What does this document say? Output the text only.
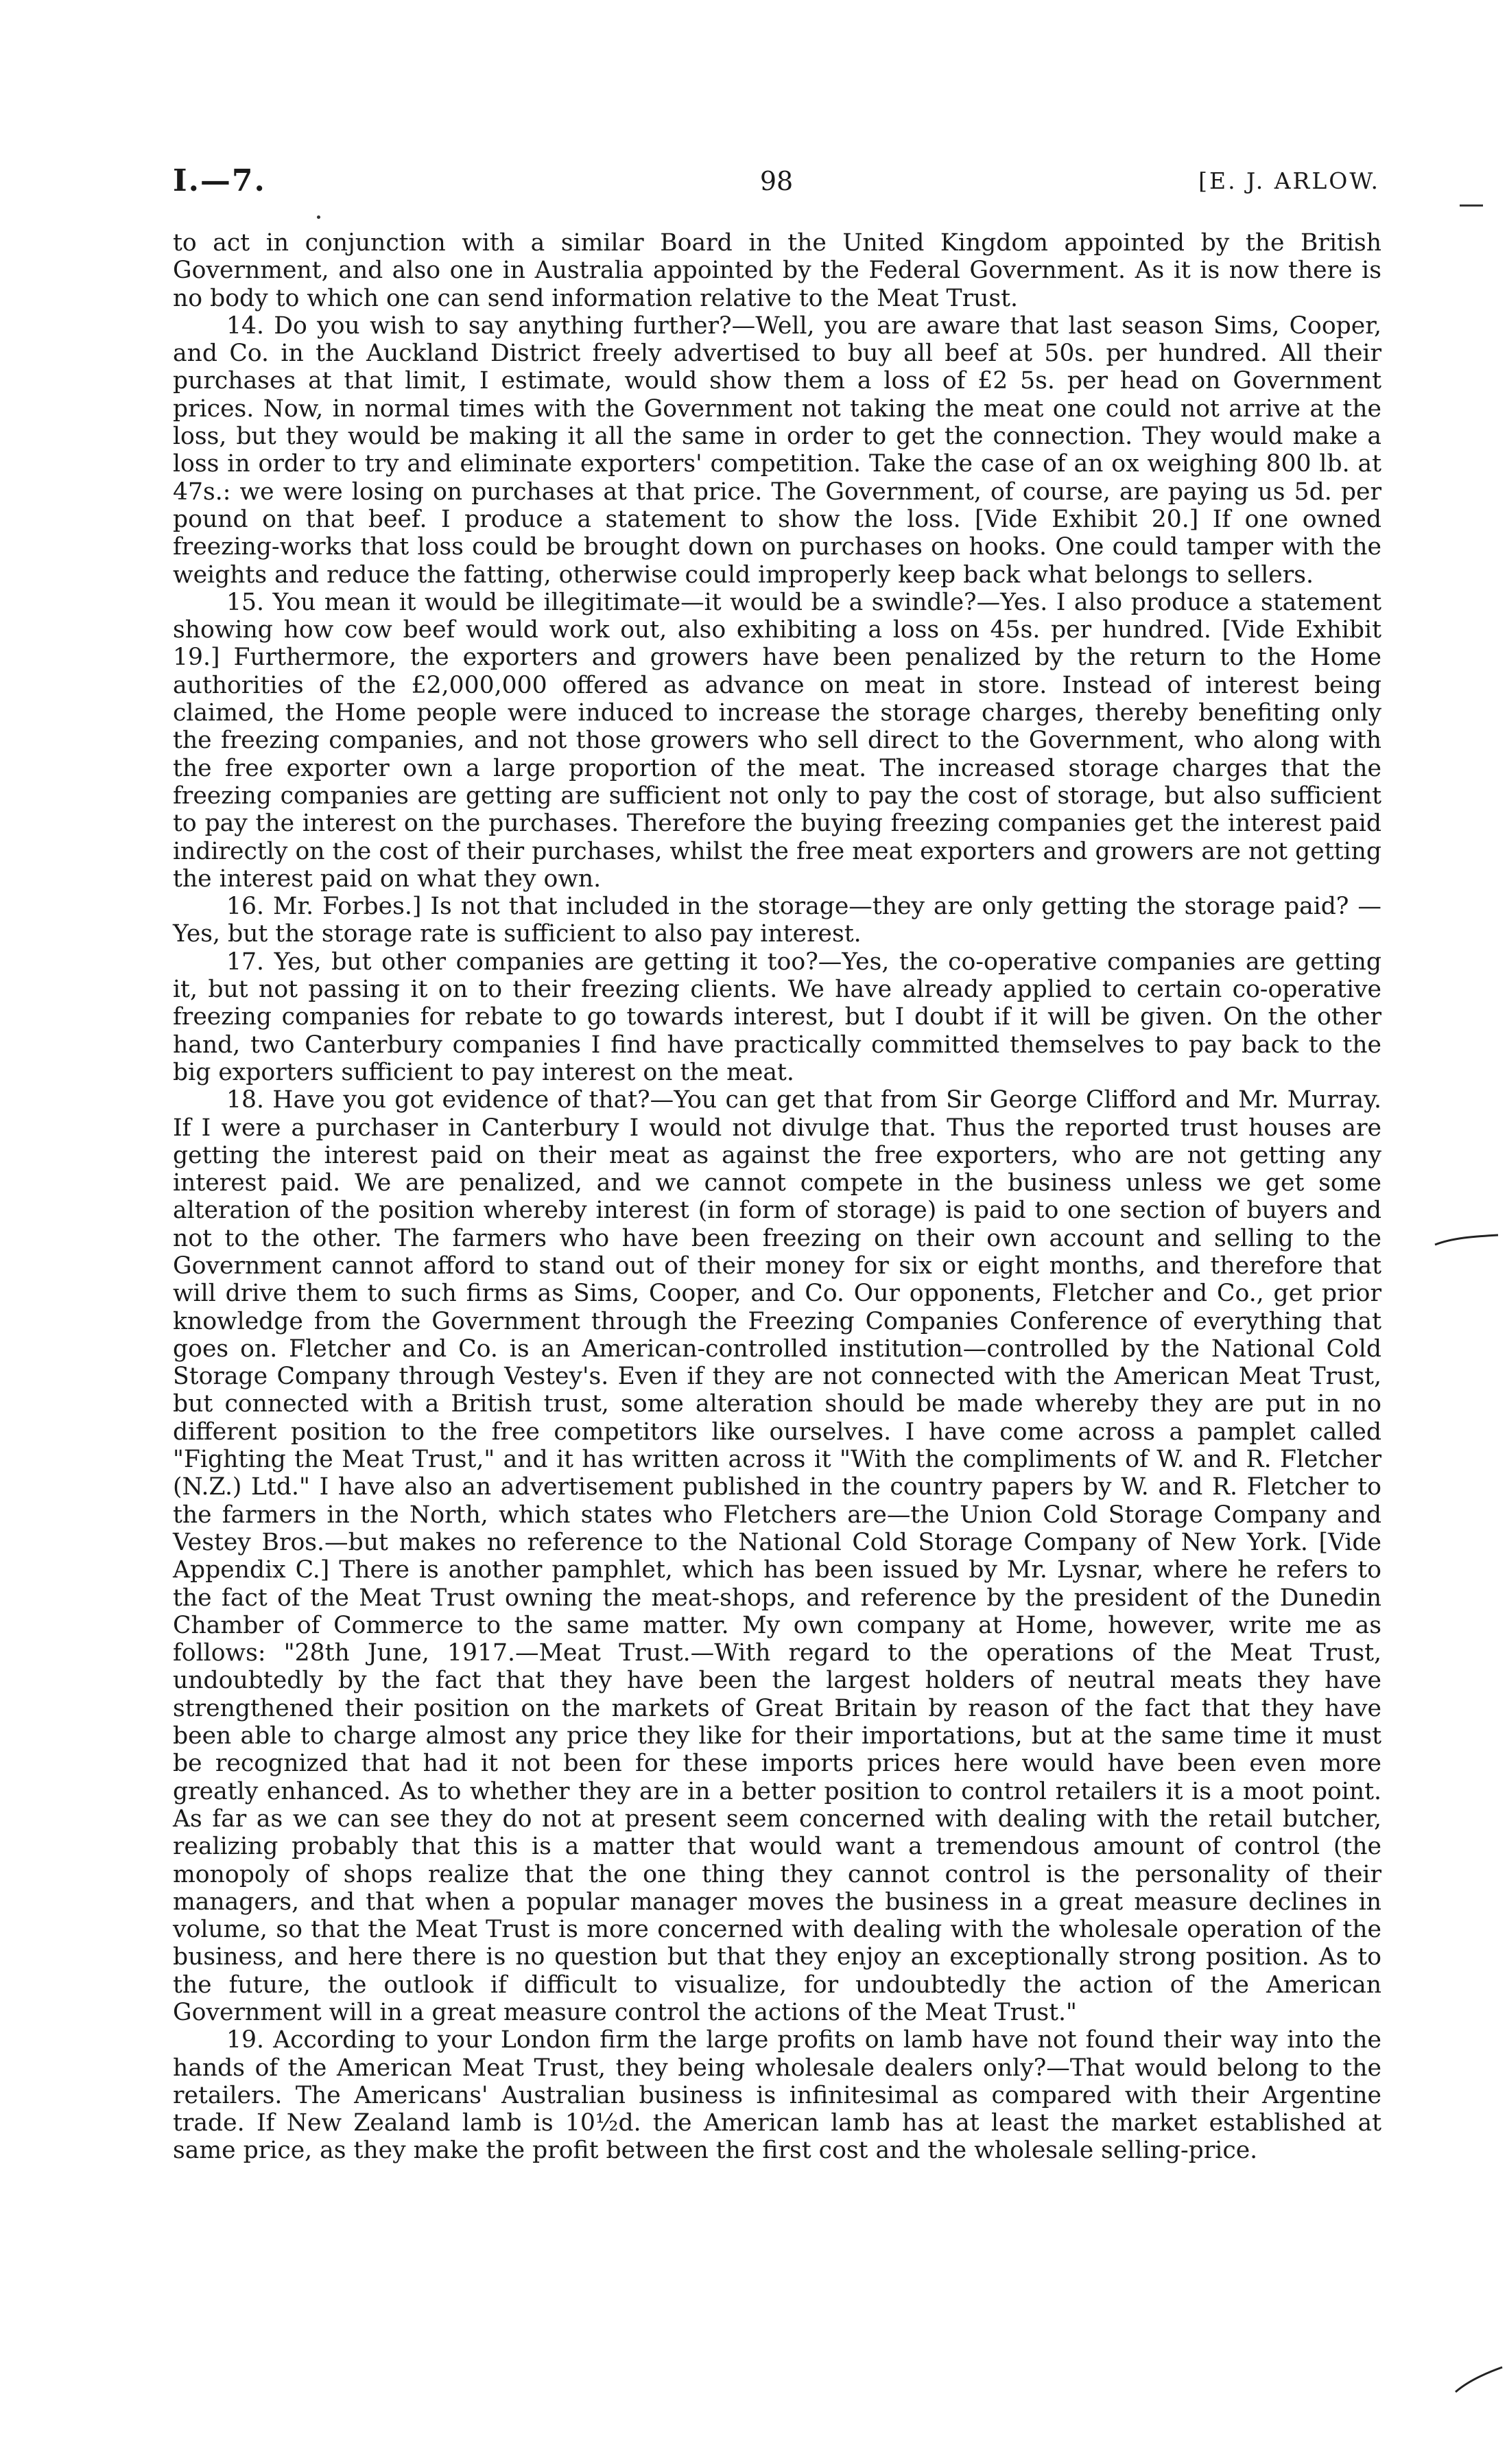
I.—7.	98	[E. J. ARLOW.

to act in conjunction with a similar Board in the United Kingdom appointed by the British Government, and also one in Australia appointed by the Federal Government. As it is now there is no body to which one can send information relative to the Meat Trust.

14. Do you wish to say anything further?—Well, you are aware that last season Sims, Cooper, and Co. in the Auckland District freely advertised to buy all beef at 50s. per hundred. All their purchases at that limit, I estimate, would show them a loss of £2 5s. per head on Government prices. Now, in normal times with the Government not taking the meat one could not arrive at the loss, but they would be making it all the same in order to get the connection. They would make a loss in order to try and eliminate exporters' competition. Take the case of an ox weighing 800 lb. at 47s.: we were losing on purchases at that price. The Government, of course, are paying us 5d. per pound on that beef. I produce a statement to show the loss. [Vide Exhibit 20.] If one owned freezing-works that loss could be brought down on purchases on hooks. One could tamper with the weights and reduce the fatting, otherwise could improperly keep back what belongs to sellers.

15. You mean it would be illegitimate—it would be a swindle?—Yes. I also produce a statement showing how cow beef would work out, also exhibiting a loss on 45s. per hundred. [Vide Exhibit 19.] Furthermore, the exporters and growers have been penalized by the return to the Home authorities of the £2,000,000 offered as advance on meat in store. Instead of interest being claimed, the Home people were induced to increase the storage charges, thereby benefiting only the freezing companies, and not those growers who sell direct to the Government, who along with the free exporter own a large proportion of the meat. The increased storage charges that the freezing companies are getting are sufficient not only to pay the cost of storage, but also sufficient to pay the interest on the purchases. Therefore the buying freezing companies get the interest paid indirectly on the cost of their purchases, whilst the free meat exporters and growers are not getting the interest paid on what they own.

16. Mr. Forbes.] Is not that included in the storage—they are only getting the storage paid? —Yes, but the storage rate is sufficient to also pay interest.

17. Yes, but other companies are getting it too?—Yes, the co-operative companies are getting it, but not passing it on to their freezing clients. We have already applied to certain co-operative freezing companies for rebate to go towards interest, but I doubt if it will be given. On the other hand, two Canterbury companies I find have practically committed themselves to pay back to the big exporters sufficient to pay interest on the meat.

18. Have you got evidence of that?—You can get that from Sir George Clifford and Mr. Murray. If I were a purchaser in Canterbury I would not divulge that. Thus the reported trust houses are getting the interest paid on their meat as against the free exporters, who are not getting any interest paid. We are penalized, and we cannot compete in the business unless we get some alteration of the position whereby interest (in form of storage) is paid to one section of buyers and not to the other. The farmers who have been freezing on their own account and selling to the Government cannot afford to stand out of their money for six or eight months, and therefore that will drive them to such firms as Sims, Cooper, and Co. Our opponents, Fletcher and Co., get prior knowledge from the Government through the Freezing Companies Conference of everything that goes on. Fletcher and Co. is an American-controlled institution—controlled by the National Cold Storage Company through Vestey's. Even if they are not connected with the American Meat Trust, but connected with a British trust, some alteration should be made whereby they are put in no different position to the free competitors like ourselves. I have come across a pamplet called "Fighting the Meat Trust," and it has written across it "With the compliments of W. and R. Fletcher (N.Z.) Ltd." I have also an advertisement published in the country papers by W. and R. Fletcher to the farmers in the North, which states who Fletchers are—the Union Cold Storage Company and Vestey Bros.—but makes no reference to the National Cold Storage Company of New York. [Vide Appendix C.] There is another pamphlet, which has been issued by Mr. Lysnar, where he refers to the fact of the Meat Trust owning the meat-shops, and reference by the president of the Dunedin Chamber of Commerce to the same matter. My own company at Home, however, write me as follows: "28th June, 1917.—Meat Trust.—With regard to the operations of the Meat Trust, undoubtedly by the fact that they have been the largest holders of neutral meats they have strengthened their position on the markets of Great Britain by reason of the fact that they have been able to charge almost any price they like for their importations, but at the same time it must be recognized that had it not been for these imports prices here would have been even more greatly enhanced. As to whether they are in a better position to control retailers it is a moot point. As far as we can see they do not at present seem concerned with dealing with the retail butcher, realizing probably that this is a matter that would want a tremendous amount of control (the monopoly of shops realize that the one thing they cannot control is the personality of their managers, and that when a popular manager moves the business in a great measure declines in volume, so that the Meat Trust is more concerned with dealing with the wholesale operation of the business, and here there is no question but that they enjoy an exceptionally strong position. As to the future, the outlook if difficult to visualize, for undoubtedly the action of the American Government will in a great measure control the actions of the Meat Trust."

19. According to your London firm the large profits on lamb have not found their way into the hands of the American Meat Trust, they being wholesale dealers only?—That would belong to the retailers. The Americans' Australian business is infinitesimal as compared with their Argentine trade. If New Zealand lamb is 10½d. the American lamb has at least the market established at same price, as they make the profit between the first cost and the wholesale selling-price.
